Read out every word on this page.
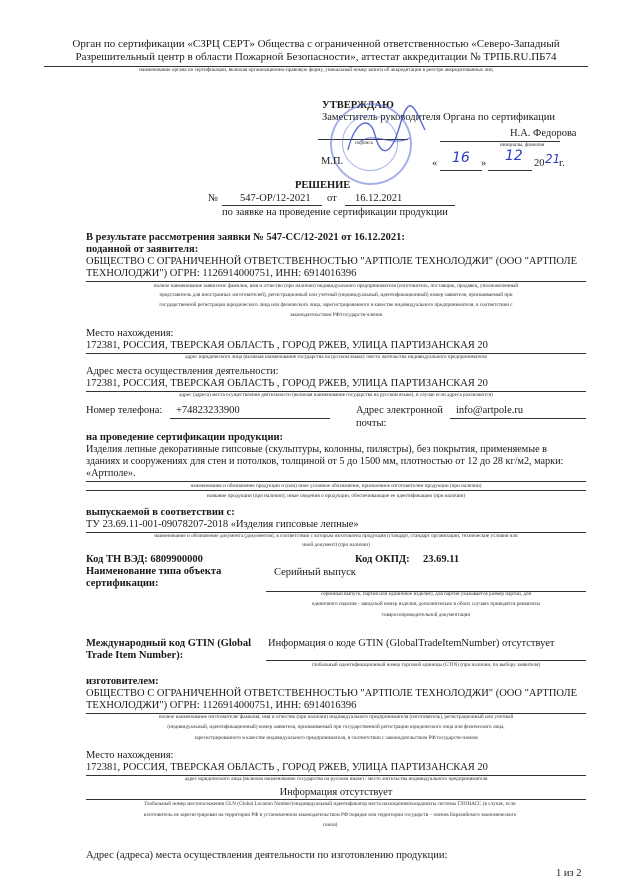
Орган по сертификации «СЗРЦ СЕРТ» Общества с ограниченной ответственностью «Северо-Западный
Разрешительный центр в области Пожарной Безопасности», аттестат аккредитации № ТРПБ.RU.ПБ74
наименование органа по сертификации, включая организационно-правовую форму, уникальный номер записи об аккредитации в реестре аккредитованных лиц
УТВЕРЖДАЮ
Заместитель руководителя Органа по сертификации
подпись
Н.А. Федорова
инициалы, фамилия
М.П.	« 16 » 12 20 21
г.
РЕШЕНИЕ
№ 547-ОР/12-2021 от 16.12.2021
по заявке на проведение сертификации продукции
В результате рассмотрения заявки № 547-СС/12-2021 от 16.12.2021:
поданной от заявителя:
ОБЩЕСТВО С ОГРАНИЧЕННОЙ ОТВЕТСТВЕННОСТЬЮ "АРТПОЛЕ ТЕХНОЛОДЖИ" (ООО "АРТПОЛЕ
ТЕХНОЛОДЖИ") ОГРН: 1126914000751, ИНН: 6914016396
полное наименование заявителя/ фамилия, имя и отчество (при наличии) индивидуального предпринимателя (изготовитель, поставщик, продавец, уполномоченный
представитель для иностранных изготовителей), регистрационный или учетный (индивидуальный, идентификационный) номер заявителя, присваиваемый при
государственной регистрации юридического лица или физического лица, зарегистрированного в качестве индивидуального предпринимателя, в соответствии с
законодательством РФ/государств-членов
Место нахождения:
172381, РОССИЯ, ТВЕРСКАЯ ОБЛАСТЬ , ГОРОД РЖЕВ, УЛИЦА ПАРТИЗАНСКАЯ 20
адрес юридического лица (включая наименование государства на русском языке) /место жительства индивидуального предпринимателя
Адрес места осуществления деятельности:
172381, РОССИЯ, ТВЕРСКАЯ ОБЛАСТЬ , ГОРОД РЖЕВ, УЛИЦА ПАРТИЗАНСКАЯ 20
адрес (адреса) места осуществления деятельности (включая наименование государства на русском языке), в случае если адреса различаются)
Номер телефона: +74823233900	Адрес электронной
почты:
info@artpole.ru
на проведение сертификации продукции:
Изделия лепные декоративные гипсовые (скульптуры, колонны, пилястры), без покрытия, применяемые в
зданиях и сооружениях для стен и потолков, толщиной от 5 до 1500 мм, плотностью от 12 до 28 кг/м2, марки:
«Артполе».
наименование и обозначение продукции и (или) иное условное обозначение, присвоенное изготовителем продукции (при наличии)
название продукции (при наличии); иные сведения о продукции, обеспечивающие ее идентификацию (при наличии)
выпускаемой в соответствии с:
ТУ 23.69.11-001-09078207-2018 «Изделия гипсовые лепные»
наименование и обозначение документа (документов), в соответствии с которым изготовлена продукция (стандарт, стандарт организации, технические условия или
иной документ) (при наличии)
Код ТН ВЭД: 6809900000	Код ОКПД: 23.69.11
Наименование типа объекта
сертификации:
Серийный выпуск
серийный выпуск, партия или единичное изделие), для партии указывается размер партии, для
единичного изделия - заводской номер изделия, дополнительно в обоих случаях приводятся реквизиты
товаросопроводительной документации
Международный код GTIN (Global
Trade Item Number):
Информация о коде GTIN (GlobalTradeItemNumber) отсутствует
глобальный идентификационный номер торговой единицы (GTIN) (при наличии, по выбору заявителя)
изготовителем:
ОБЩЕСТВО С ОГРАНИЧЕННОЙ ОТВЕТСТВЕННОСТЬЮ "АРТПОЛЕ ТЕХНОЛОДЖИ" (ООО "АРТПОЛЕ
ТЕХНОЛОДЖИ") ОГРН: 1126914000751, ИНН: 6914016396
полное наименование изготовителя/ фамилия, имя и отчество (при наличии) индивидуального предпринимателя (изготовитель), регистрационный или учетный
(индивидуальный, идентификационный) номер заявителя, присваиваемый при государственной регистрации юридического лица или физического лица,
зарегистрированного в качестве индивидуального предпринимателя, в соответствии с законодательством РФ/государств-членов
Место нахождения:
172381, РОССИЯ, ТВЕРСКАЯ ОБЛАСТЬ , ГОРОД РЖЕВ, УЛИЦА ПАРТИЗАНСКАЯ 20
адрес юридического лица (включая наименование государства на русском языке) / место жительства индивидуального предпринимателя
Информация отсутствует
Глобальный номер местоположения GLN (Global Location Number)/индивидуальный идентификатор места нахождения/координаты системы ГЛОНАСС (в случае, если
изготовитель не зарегистрирован на территории РФ в установленном законодательством РФ порядке или территории государств – членов Евразийского экономического
союза)
Адрес (адреса) места осуществления деятельности по изготовлению продукции:
1 из 2
